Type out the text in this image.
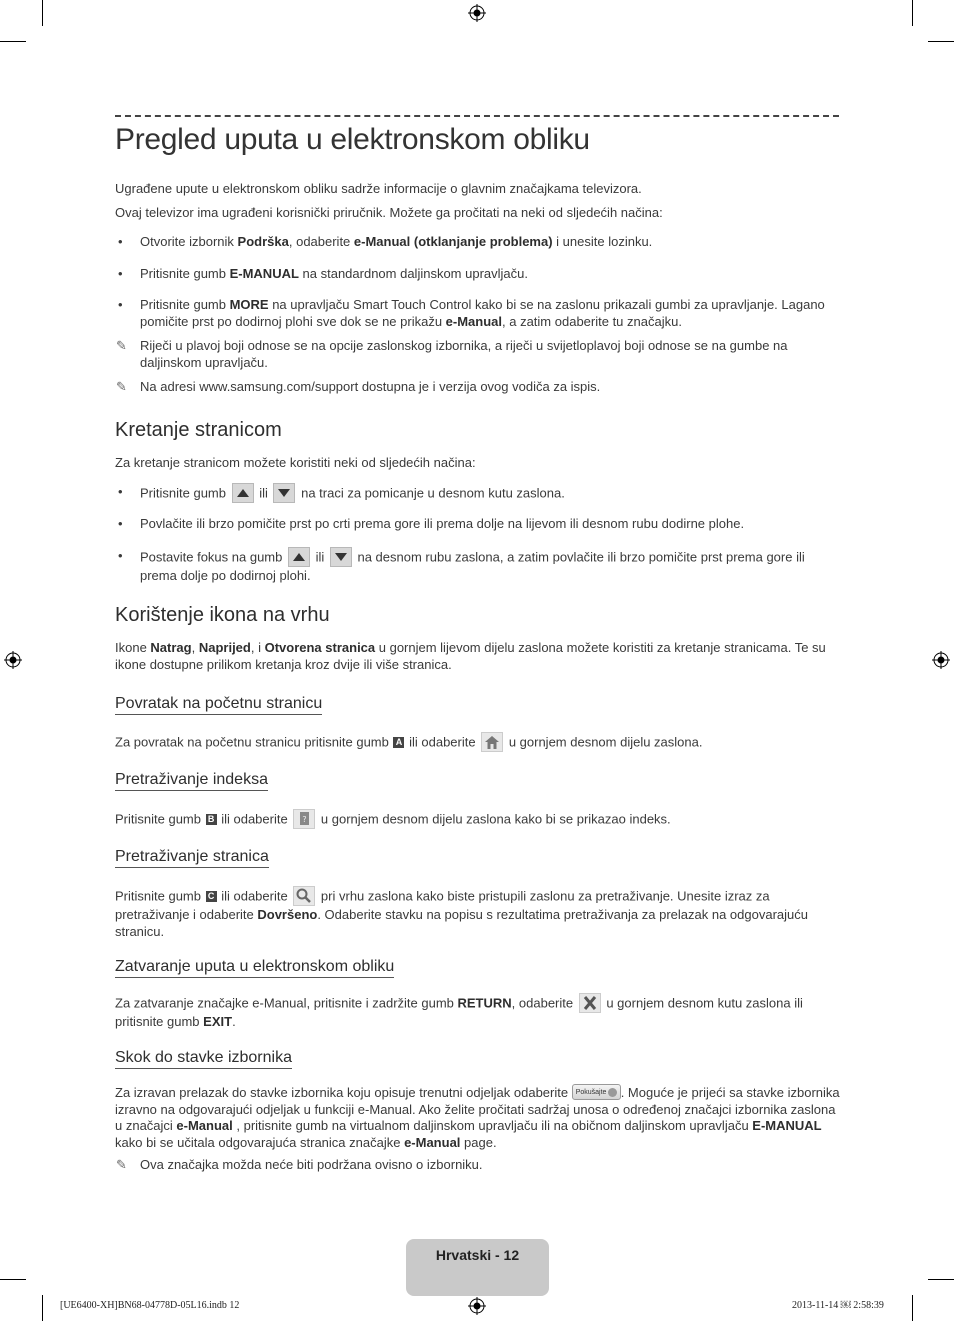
Pregled uputa u elektronskom obliku

Ugrađene upute u elektronskom obliku sadrže informacije o glavnim značajkama televizora.

Ovaj televizor ima ugrađeni korisnički priručnik. Možete ga pročitati na neki od sljedećih načina:

• Otvorite izbornik Podrška, odaberite e-Manual (otklanjanje problema) i unesite lozinku.

• Pritisnite gumb E-MANUAL na standardnom daljinskom upravljaču.

• Pritisnite gumb MORE na upravljaču Smart Touch Control kako bi se na zaslonu prikazali gumbi za upravljanje. Lagano pomičite prst po dodirnoj plohi sve dok se ne prikažu e-Manual, a zatim odaberite tu značajku.

✎ Riječi u plavoj boji odnose se na opcije zaslonskog izbornika, a riječi u svijetloplavoj boji odnose se na gumbe na daljinskom upravljaču.

✎ Na adresi www.samsung.com/support dostupna je i verzija ovog vodiča za ispis.

Kretanje stranicom

Za kretanje stranicom možete koristiti neki od sljedećih načina:

• Pritisnite gumb
ili
na traci za pomicanje u desnom kutu zaslona.

• Povlačite ili brzo pomičite prst po crti prema gore ili prema dolje na lijevom ili desnom rubu dodirne plohe.

• Postavite fokus na gumb
ili
na desnom rubu zaslona, a zatim povlačite ili brzo pomičite prst prema gore ili prema dolje po dodirnoj plohi.

Korištenje ikona na vrhu

Ikone Natrag, Naprijed, i Otvorena stranica u gornjem lijevom dijelu zaslona možete koristiti za kretanje stranicama. Te su ikone dostupne prilikom kretanja kroz dvije ili više stranica.

Povratak na početnu stranicu

Za povratak na početnu stranicu pritisnite gumb A ili odaberite
u gornjem desnom dijelu zaslona.

Pretraživanje indeksa

Pritisnite gumb B ili odaberite ? u gornjem desnom dijelu zaslona kako bi se prikazao indeks.

Pretraživanje stranica

Pritisnite gumb C ili odaberite
pri vrhu zaslona kako biste pristupili zaslonu za pretraživanje. Unesite izraz za pretraživanje i odaberite Dovršeno. Odaberite stavku na popisu s rezultatima pretraživanja za prelazak na odgovarajuću stranicu.

Zatvaranje uputa u elektronskom obliku

Za zatvaranje značajke e-Manual, pritisnite i zadržite gumb RETURN, odaberite
u gornjem desnom kutu zaslona ili pritisnite gumb EXIT.

Skok do stavke izbornika

Za izravan prelazak do stavke izbornika koju opisuje trenutni odjeljak odaberite Pokušajte . Moguće je prijeći sa stavke izbornika izravno na odgovarajući odjeljak u funkciji e-Manual. Ako želite pročitati sadržaj unosa o određenoj značajci izbornika zaslona u značajci e-Manual , pritisnite gumb na virtualnom daljinskom upravljaču ili na običnom daljinskom upravljaču E-MANUAL kako bi se učitala odgovarajuća stranica značajke e-Manual page.

✎ Ova značajka možda neće biti podržana ovisno o izborniku.

Hrvatski - 12
[UE6400-XH]BN68-04778D-05L16.indb 12	2013-11-14 ￼ 2:58:39
